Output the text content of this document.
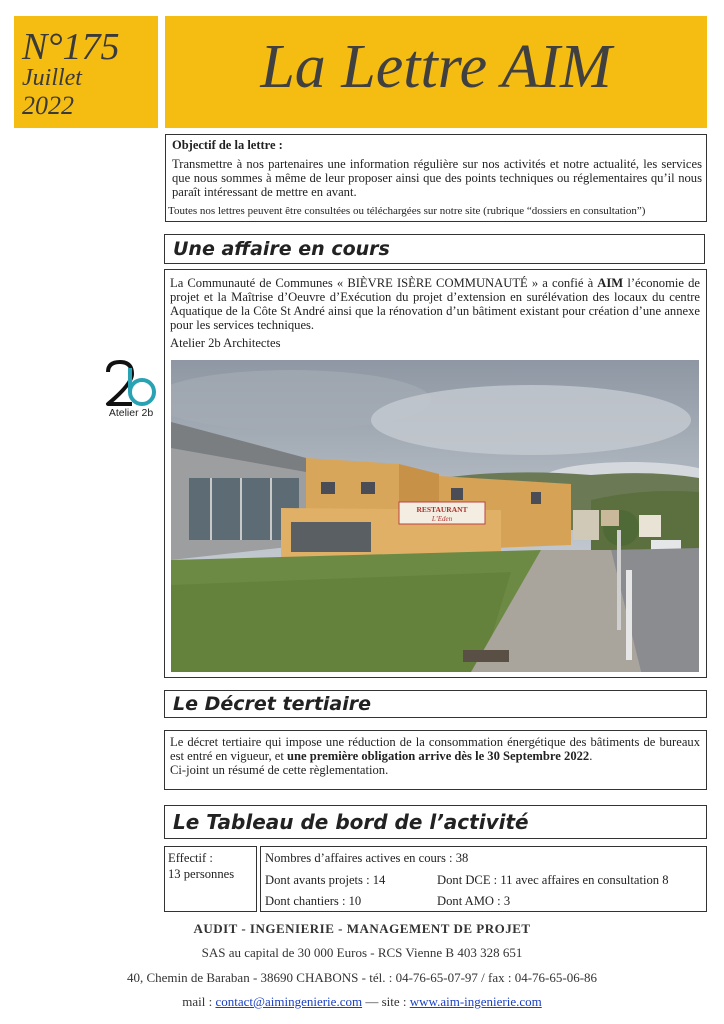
N°175
Juillet
2022
La Lettre AIM
Objectif de la lettre :
Transmettre à nos partenaires une information régulière sur nos activités et notre actualité, les services que nous sommes à même de leur proposer ainsi que des points techniques ou réglementaires qu’il nous paraît intéressant de mettre en avant.
Toutes nos lettres peuvent être consultées ou téléchargées sur notre site (rubrique “dossiers en consultation”)
Une affaire en cours
La Communauté de Communes « BIÈVRE ISÈRE COMMUNAUTÉ » a confié à AIM l’économie de projet et la Maîtrise d’Oeuvre d’Exécution du projet d’extension en surélévation des locaux du centre Aquatique de la Côte St André ainsi que la rénovation d’un bâtiment existant pour création d’une annexe pour les services techniques.
Atelier 2b Architectes
Atelier 2b
RESTAURANT
L’Eden
Le Décret tertiaire
Le décret tertiaire qui impose une réduction de la consommation énergétique des bâtiments de bureaux est entré en vigueur, et une première obligation arrive dès le 30 Septembre 2022.
Ci-joint un résumé de cette règlementation.
Le Tableau de bord de l’activité
Effectif :
13 personnes
Nombres d’affaires actives en cours : 38
Dont avants projets : 14	Dont DCE : 11 avec affaires en consultation 8
Dont chantiers : 10	Dont AMO : 3
AUDIT - INGENIERIE - MANAGEMENT DE PROJET
SAS au capital de 30 000 Euros - RCS Vienne B 403 328 651
40, Chemin de Baraban - 38690 CHABONS - tél. : 04-76-65-07-97 / fax : 04-76-65-06-86
mail : contact@aimingenierie.com — site : www.aim-ingenierie.com
